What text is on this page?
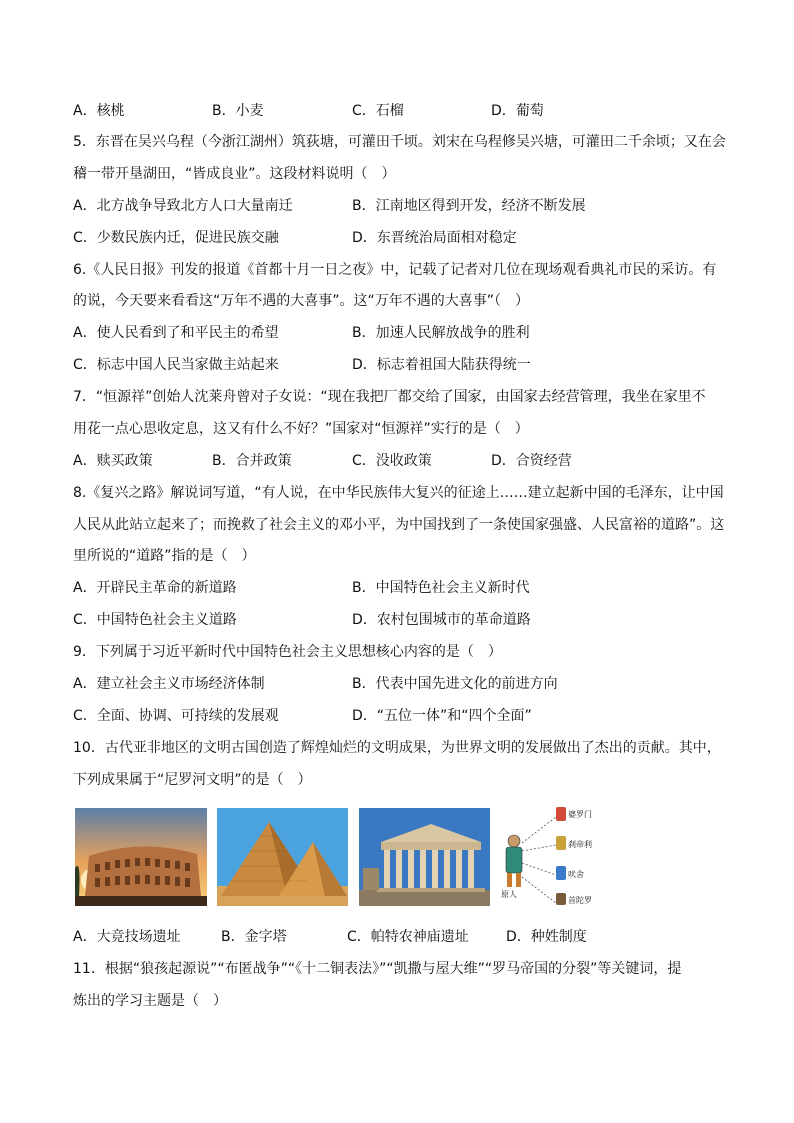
A．核桃	B．小麦	C．石榴	D．葡萄
5．东晋在吴兴乌程（今浙江湖州）筑荻塘，可灌田千顷。刘宋在乌程修吴兴塘，可灌田二千余顷；又在会
稽一带开垦湖田，“皆成良业”。这段材料说明（　）
A．北方战争导致北方人口大量南迁	B．江南地区得到开发，经济不断发展
C．少数民族内迁，促进民族交融	D．东晋统治局面相对稳定
6.《人民日报》刊发的报道《首都十月一日之夜》中，记载了记者对几位在现场观看典礼市民的采访。有
的说，今天要来看看这“万年不遇的大喜事”。这“万年不遇的大喜事”（　）
A．使人民看到了和平民主的希望	B．加速人民解放战争的胜利
C．标志中国人民当家做主站起来	D．标志着祖国大陆获得统一
7．“恒源祥”创始人沈莱舟曾对子女说：“现在我把厂都交给了国家，由国家去经营管理，我坐在家里不
用花一点心思收定息，这又有什么不好？”国家对“恒源祥”实行的是（　）
A．赎买政策	B．合并政策	C．没收政策	D．合资经营
8.《复兴之路》解说词写道，“有人说，在中华民族伟大复兴的征途上……建立起新中国的毛泽东，让中国
人民从此站立起来了；而挽救了社会主义的邓小平，为中国找到了一条使国家强盛、人民富裕的道路”。这
里所说的“道路”指的是（　）
A．开辟民主革命的新道路	B．中国特色社会主义新时代
C．中国特色社会主义道路	D．农村包围城市的革命道路
9．下列属于习近平新时代中国特色社会主义思想核心内容的是（　）
A．建立社会主义市场经济体制	B．代表中国先进文化的前进方向
C．全面、协调、可持续的发展观	D．“五位一体”和“四个全面”
10．古代亚非地区的文明古国创造了辉煌灿烂的文明成果，为世界文明的发展做出了杰出的贡献。其中，
下列成果属于“尼罗河文明”的是（　）
婆罗门
刹帝利
吠舍
首陀罗
原人
A．大竞技场遗址	B．金字塔	C．帕特农神庙遗址	D．种姓制度
11．根据“狼孩起源说”“布匿战争”“《十二铜表法》”“凯撒与屋大维”“罗马帝国的分裂”等关键词，提
炼出的学习主题是（　）
